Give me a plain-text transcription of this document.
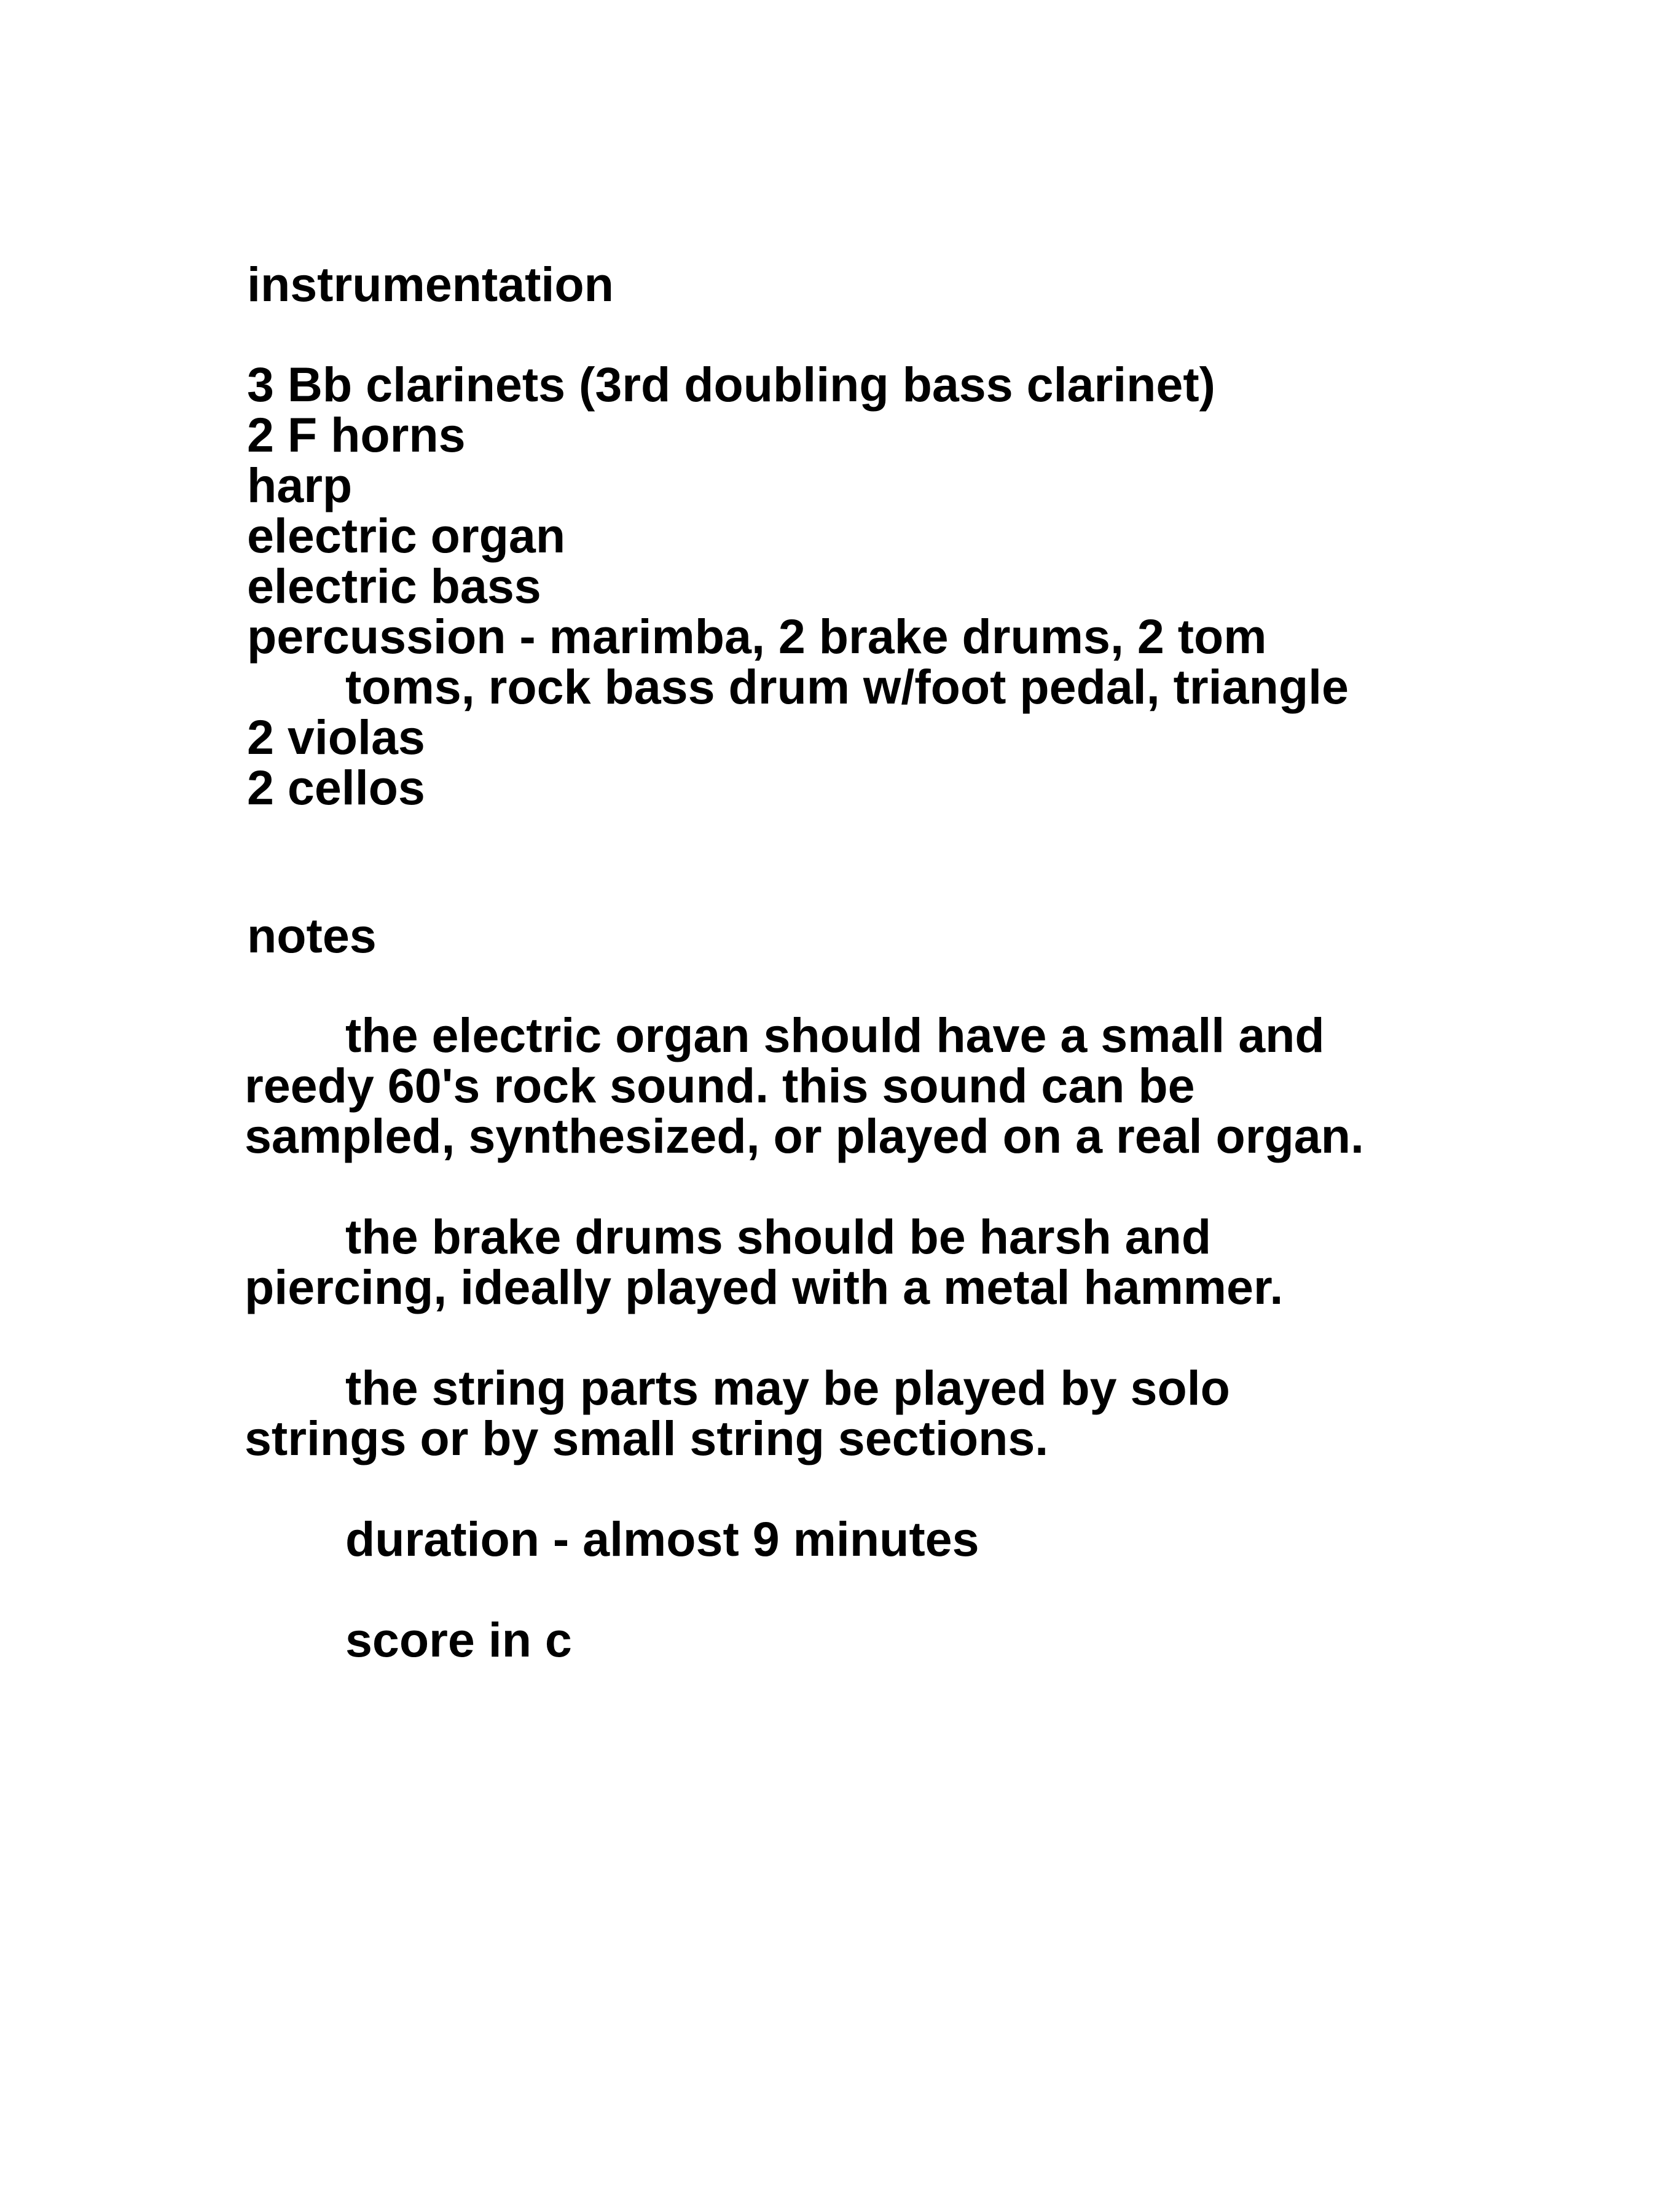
instrumentation
3 Bb clarinets (3rd doubling bass clarinet)
2 F horns
harp
electric organ
electric bass
percussion - marimba, 2 brake drums, 2 tom
toms, rock bass drum w/foot pedal, triangle
2 violas
2 cellos
notes
the electric organ should have a small and
reedy 60's rock sound. this sound can be
sampled, synthesized, or played on a real organ.
the brake drums should be harsh and
piercing, ideally played with a metal hammer.
the string parts may be played by solo
strings or by small string sections.
duration - almost 9 minutes
score in c
